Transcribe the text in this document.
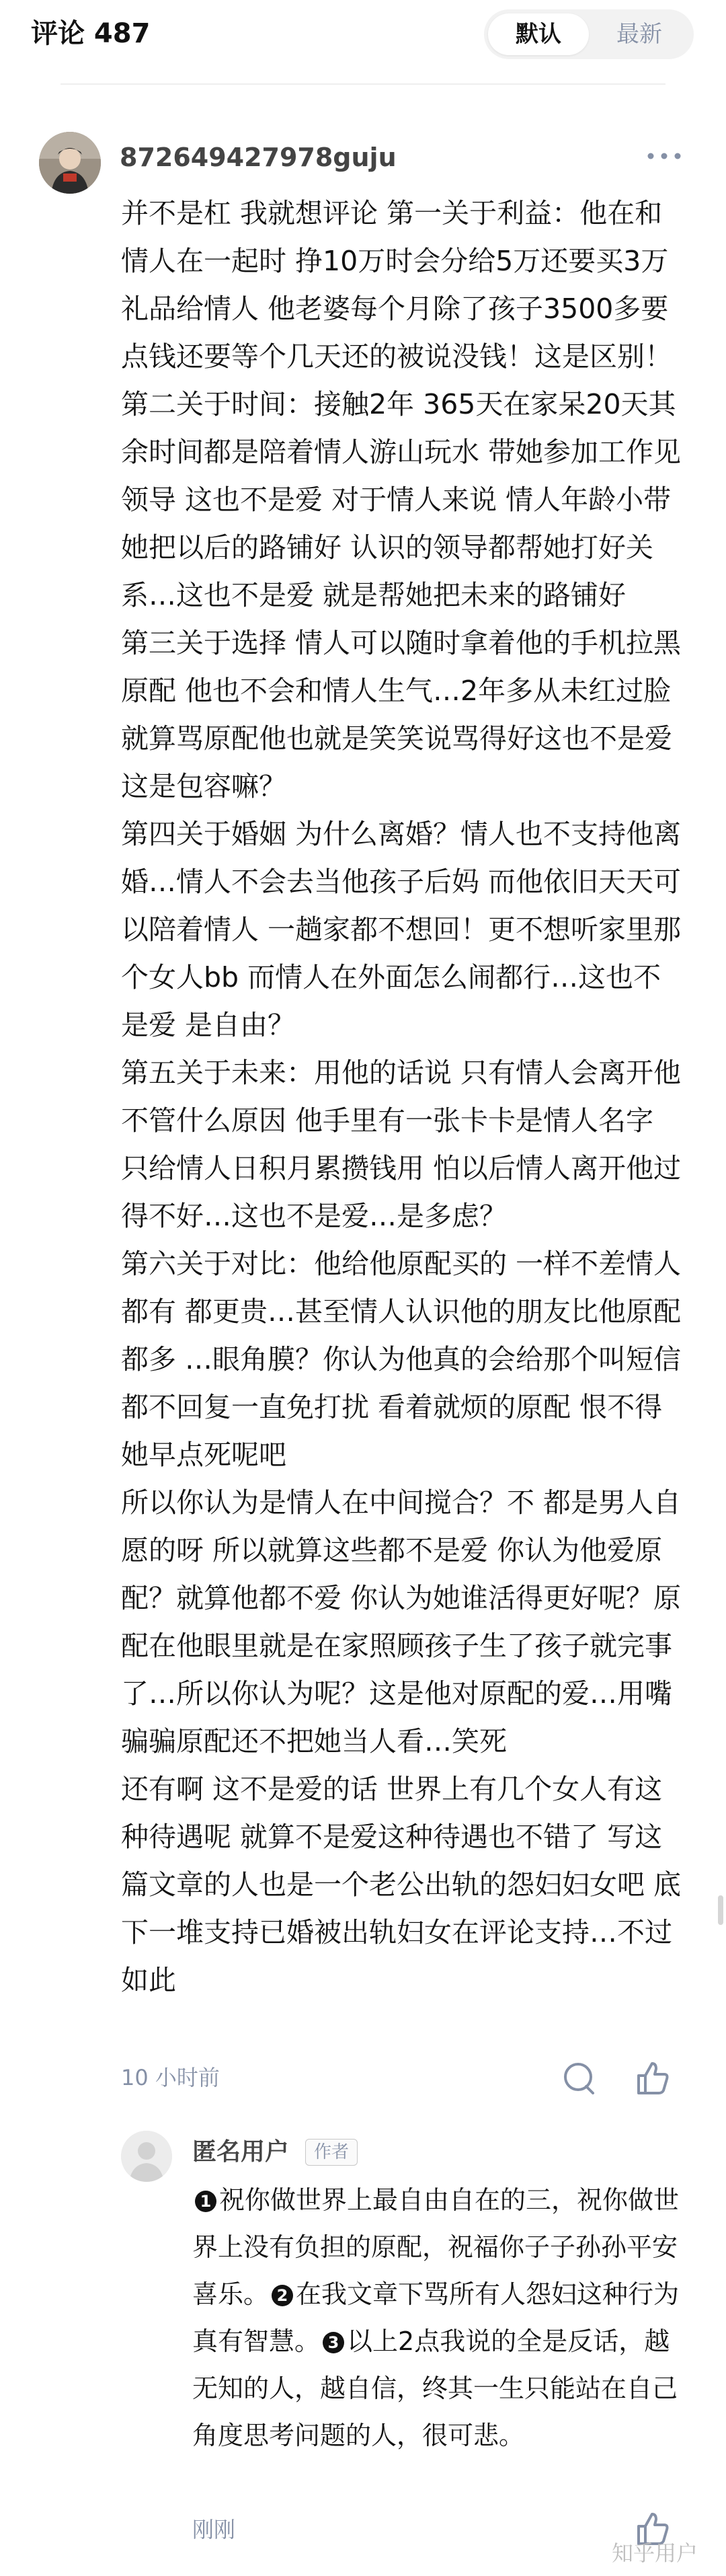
评论 487	默认	最新
872649427978guju

并不是杠 我就想评论 第一关于利益：他在和情人在一起时 挣10万时会分给5万还要买3万礼品给情人 他老婆每个月除了孩子3500多要点钱还要等个几天还的被说没钱！这是区别！

第二关于时间：接触2年 365天在家呆20天其余时间都是陪着情人游山玩水 带她参加工作见领导 这也不是爱 对于情人来说 情人年龄小带她把以后的路铺好 认识的领导都帮她打好关系…这也不是爱 就是帮她把未来的路铺好

第三关于选择 情人可以随时拿着他的手机拉黑原配 他也不会和情人生气…2年多从未红过脸 就算骂原配他也就是笑笑说骂得好这也不是爱 这是包容嘛？

第四关于婚姻 为什么离婚？情人也不支持他离婚…情人不会去当他孩子后妈 而他依旧天天可以陪着情人 一趟家都不想回！更不想听家里那个女人bb 而情人在外面怎么闹都行…这也不是爱 是自由？

第五关于未来：用他的话说 只有情人会离开他 不管什么原因 他手里有一张卡卡是情人名字 只给情人日积月累攒钱用 怕以后情人离开他过得不好…这也不是爱…是多虑？

第六关于对比：他给他原配买的 一样不差情人都有 都更贵…甚至情人认识他的朋友比他原配都多 …眼角膜？你认为他真的会给那个叫短信都不回复一直免打扰 看着就烦的原配 恨不得她早点死呢吧

所以你认为是情人在中间搅合？不 都是男人自愿的呀 所以就算这些都不是爱 你认为他爱原配？就算他都不爱 你认为她谁活得更好呢？原配在他眼里就是在家照顾孩子生了孩子就完事了…所以你认为呢？这是他对原配的爱…用嘴骗骗原配还不把她当人看…笑死

还有啊 这不是爱的话 世界上有几个女人有这种待遇呢 就算不是爱这种待遇也不错了 写这篇文章的人也是一个老公出轨的怨妇妇女吧 底下一堆支持已婚被出轨妇女在评论支持…不过如此

10 小时前
匿名用户	作者
1 祝你做世界上最自由自在的三，祝你做世界上没有负担的原配，祝福你子子孙孙平安喜乐。 2 在我文章下骂所有人怨妇这种行为真有智慧。 3 以上2点我说的全是反话，越无知的人，越自信，终其一生只能站在自己角度思考问题的人，很可悲。
刚刚
知乎用户
